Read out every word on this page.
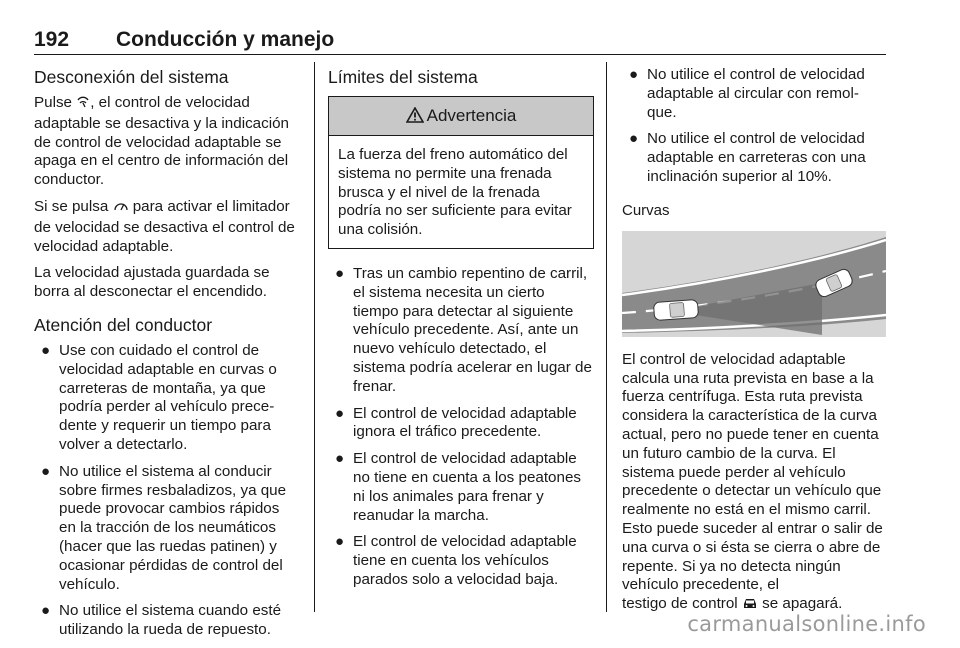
192 Conducción y manejo
Desconexión del sistema

Pulse , el control de velocidad adaptable se desactiva y la indicación de control de velocidad adaptable se apaga en el centro de información del conductor.

Si se pulsa  para activar el limitador de velocidad se desactiva el control de velocidad adaptable.

La velocidad ajustada guardada se borra al desconectar el encendido.

Atención del conductor
● Use con cuidado el control de velocidad adaptable en curvas o carreteras de montaña, ya que podría perder al vehículo prece- dente y requerir un tiempo para volver a detectarlo.
● No utilice el sistema al conducir sobre firmes resbaladizos, ya que puede provocar cambios rápidos en la tracción de los neumáticos (hacer que las ruedas patinen) y ocasionar pérdidas de control del vehículo.
● No utilice el sistema cuando esté utilizando la rueda de repuesto.
Límites del sistema
Advertencia
La fuerza del freno automático del sistema no permite una frenada brusca y el nivel de la frenada podría no ser suficiente para evitar una colisión.
● Tras un cambio repentino de carril, el sistema necesita un cierto tiempo para detectar al siguiente vehículo precedente. Así, ante un nuevo vehículo detectado, el sistema podría acelerar en lugar de frenar.
● El control de velocidad adaptable ignora el tráfico precedente.
● El control de velocidad adaptable no tiene en cuenta a los peatones ni los animales para frenar y reanudar la marcha.
● El control de velocidad adaptable tiene en cuenta los vehículos parados solo a velocidad baja.
● No utilice el control de velocidad adaptable al circular con remol- que.
● No utilice el control de velocidad adaptable en carreteras con una inclinación superior al 10%.
Curvas

El control de velocidad adaptable calcula una ruta prevista en base a la fuerza centrífuga. Esta ruta prevista considera la característica de la curva actual, pero no puede tener en cuenta un futuro cambio de la curva. El sistema puede perder al vehículo precedente o detectar un vehículo que realmente no está en el mismo carril. Esto puede suceder al entrar o salir de una curva o si ésta se cierra o abre de repente. Si ya no detecta ningún vehículo precedente, el

testigo de control  se apagará.

carmanualsonline.info
